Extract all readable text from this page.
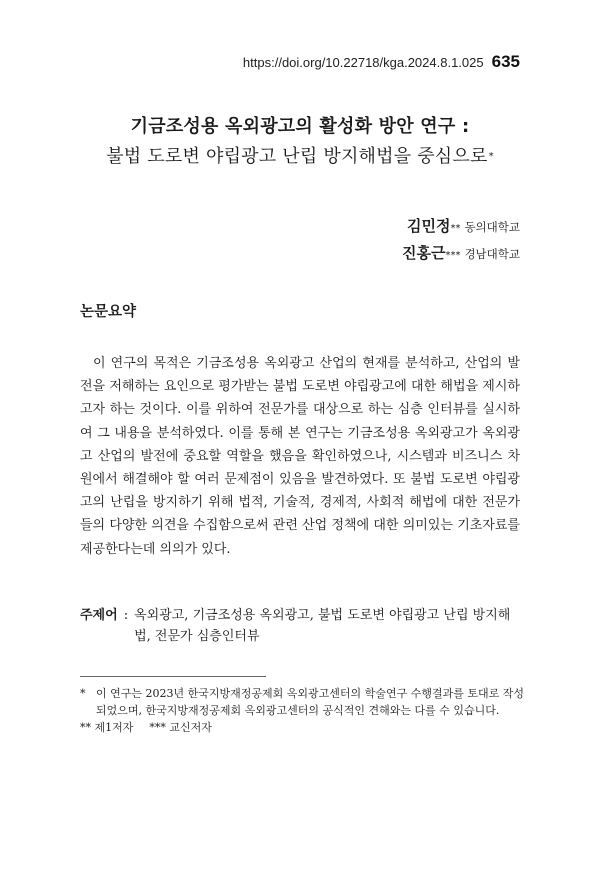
https://doi.org/10.22718/kga.2024.8.1.025 635
기금조성용 옥외광고의 활성화 방안 연구 :
불법 도로변 야립광고 난립 방지해법을 중심으로*
김민정** 동의대학교
진홍근*** 경남대학교
논문요약

 이 연구의 목적은 기금조성용 옥외광고 산업의 현재를 분석하고, 산업의 발전을 저해하는 요인으로 평가받는 불법 도로변 야립광고에 대한 해법을 제시하고자 하는 것이다. 이를 위하여 전문가를 대상으로 하는 심층 인터뷰를 실시하여 그 내용을 분석하였다. 이를 통해 본 연구는 기금조성용 옥외광고가 옥외광고 산업의 발전에 중요할 역할을 했음을 확인하였으나, 시스템과 비즈니스 차원에서 해결해야 할 여러 문제점이 있음을 발견하였다. 또 불법 도로변 야립광고의 난립을 방지하기 위해 법적, 기술적, 경제적, 사회적 해법에 대한 전문가들의 다양한 의견을 수집함으로써 관련 산업 정책에 대한 의미있는 기초자료를 제공한다는데 의의가 있다.

주제어 : 옥외광고, 기금조성용 옥외광고, 불법 도로변 야립광고 난립 방지해법, 전문가 심층인터뷰
* 이 연구는 2023년 한국지방재정공제회 옥외광고센터의 학술연구 수행결과를 토대로 작성되었으며, 한국지방재정공제회 옥외광고센터의 공식적인 견해와는 다를 수 있습니다.
** 제1저자 *** 교신저자
